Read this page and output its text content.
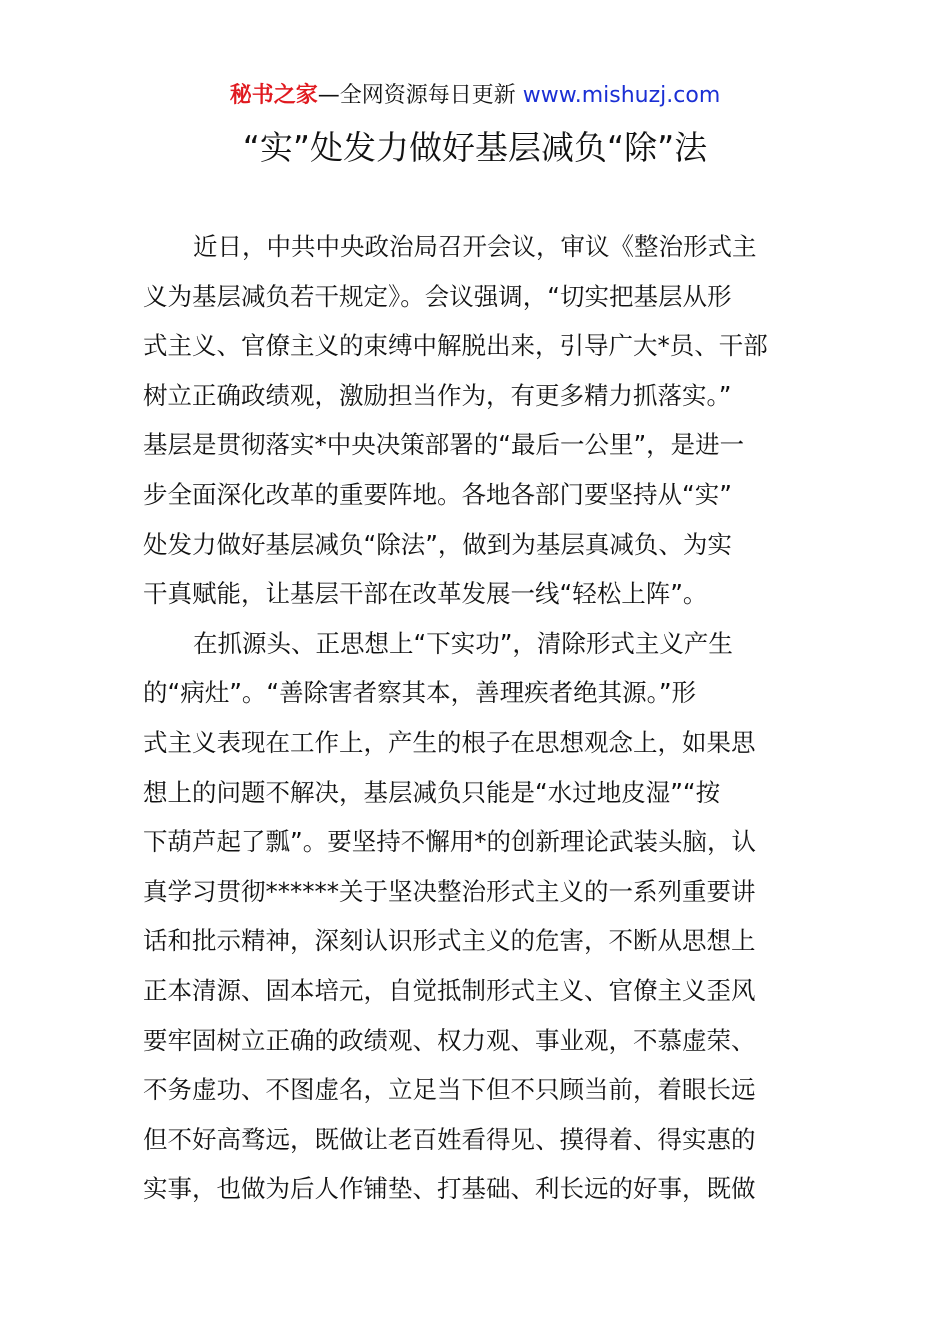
秘书之家—全网资源每日更新 www.mishuzj.com
“实”处发力做好基层减负“除”法
近日，中共中央政治局召开会议，审议《整治形式主
义为基层减负若干规定》。会议强调，“切实把基层从形
式主义、官僚主义的束缚中解脱出来，引导广大*员、干部
树立正确政绩观，激励担当作为，有更多精力抓落实。”
基层是贯彻落实*中央决策部署的“最后一公里”，是进一
步全面深化改革的重要阵地。各地各部门要坚持从“实”
处发力做好基层减负“除法”，做到为基层真减负、为实
干真赋能，让基层干部在改革发展一线“轻松上阵”。
在抓源头、正思想上“下实功”，清除形式主义产生
的“病灶”。“善除害者察其本，善理疾者绝其源。”形
式主义表现在工作上，产生的根子在思想观念上，如果思
想上的问题不解决，基层减负只能是“水过地皮湿”“按
下葫芦起了瓢”。要坚持不懈用*的创新理论武装头脑，认
真学习贯彻******关于坚决整治形式主义的一系列重要讲
话和批示精神，深刻认识形式主义的危害，不断从思想上
正本清源、固本培元，自觉抵制形式主义、官僚主义歪风
要牢固树立正确的政绩观、权力观、事业观，不慕虚荣、
不务虚功、不图虚名，立足当下但不只顾当前，着眼长远
但不好高骛远，既做让老百姓看得见、摸得着、得实惠的
实事，也做为后人作铺垫、打基础、利长远的好事，既做
